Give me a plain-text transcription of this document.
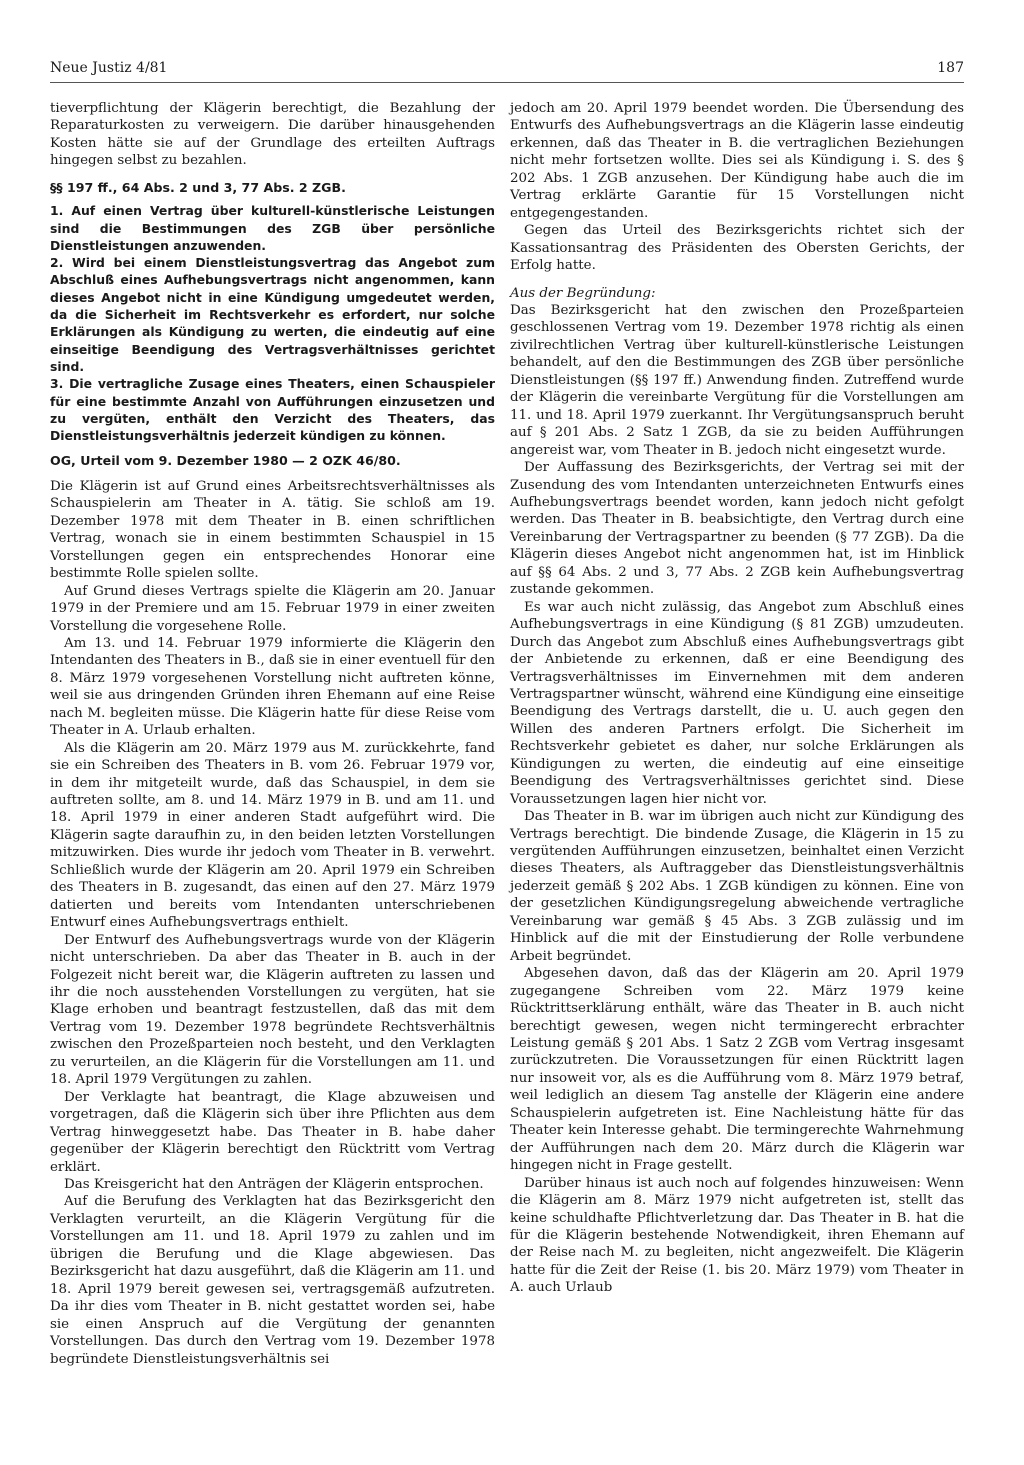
Neue Justiz 4/81	187

tieverpflichtung der Klägerin berechtigt, die Bezahlung der Reparaturkosten zu verweigern. Die darüber hinausgehenden Kosten hätte sie auf der Grundlage des erteilten Auftrags hingegen selbst zu bezahlen.

§§ 197 ff., 64 Abs. 2 und 3, 77 Abs. 2 ZGB.

1. Auf einen Vertrag über kulturell-künstlerische Leistungen sind die Bestimmungen des ZGB über persönliche Dienstleistungen anzuwenden.

2. Wird bei einem Dienstleistungsvertrag das Angebot zum Abschluß eines Aufhebungsvertrags nicht angenommen, kann dieses Angebot nicht in eine Kündigung umgedeutet werden, da die Sicherheit im Rechtsverkehr es erfordert, nur solche Erklärungen als Kündigung zu werten, die eindeutig auf eine einseitige Beendigung des Vertragsverhältnisses gerichtet sind.

3. Die vertragliche Zusage eines Theaters, einen Schauspieler für eine bestimmte Anzahl von Aufführungen einzusetzen und zu vergüten, enthält den Verzicht des Theaters, das Dienstleistungsverhältnis jederzeit kündigen zu können.

OG, Urteil vom 9. Dezember 1980 — 2 OZK 46/80.

Die Klägerin ist auf Grund eines Arbeitsrechtsverhältnisses als Schauspielerin am Theater in A. tätig. Sie schloß am 19. Dezember 1978 mit dem Theater in B. einen schriftlichen Vertrag, wonach sie in einem bestimmten Schauspiel in 15 Vorstellungen gegen ein entsprechendes Honorar eine bestimmte Rolle spielen sollte.

Auf Grund dieses Vertrags spielte die Klägerin am 20. Januar 1979 in der Premiere und am 15. Februar 1979 in einer zweiten Vorstellung die vorgesehene Rolle.

Am 13. und 14. Februar 1979 informierte die Klägerin den Intendanten des Theaters in B., daß sie in einer eventuell für den 8. März 1979 vorgesehenen Vorstellung nicht auftreten könne, weil sie aus dringenden Gründen ihren Ehemann auf eine Reise nach M. begleiten müsse. Die Klägerin hatte für diese Reise vom Theater in A. Urlaub erhalten.

Als die Klägerin am 20. März 1979 aus M. zurückkehrte, fand sie ein Schreiben des Theaters in B. vom 26. Februar 1979 vor, in dem ihr mitgeteilt wurde, daß das Schauspiel, in dem sie auftreten sollte, am 8. und 14. März 1979 in B. und am 11. und 18. April 1979 in einer anderen Stadt aufgeführt wird. Die Klägerin sagte daraufhin zu, in den beiden letzten Vorstellungen mitzuwirken. Dies wurde ihr jedoch vom Theater in B. verwehrt. Schließlich wurde der Klägerin am 20. April 1979 ein Schreiben des Theaters in B. zugesandt, das einen auf den 27. März 1979 datierten und bereits vom Intendanten unterschriebenen Entwurf eines Aufhebungsvertrags enthielt.

Der Entwurf des Aufhebungsvertrags wurde von der Klägerin nicht unterschrieben. Da aber das Theater in B. auch in der Folgezeit nicht bereit war, die Klägerin auftreten zu lassen und ihr die noch ausstehenden Vorstellungen zu vergüten, hat sie Klage erhoben und beantragt festzustellen, daß das mit dem Vertrag vom 19. Dezember 1978 begründete Rechtsverhältnis zwischen den Prozeßparteien noch besteht, und den Verklagten zu verurteilen, an die Klägerin für die Vorstellungen am 11. und 18. April 1979 Vergütungen zu zahlen.

Der Verklagte hat beantragt, die Klage abzuweisen und vorgetragen, daß die Klägerin sich über ihre Pflichten aus dem Vertrag hinweggesetzt habe. Das Theater in B. habe daher gegenüber der Klägerin berechtigt den Rücktritt vom Vertrag erklärt.

Das Kreisgericht hat den Anträgen der Klägerin entsprochen.

Auf die Berufung des Verklagten hat das Bezirksgericht den Verklagten verurteilt, an die Klägerin Vergütung für die Vorstellungen am 11. und 18. April 1979 zu zahlen und im übrigen die Berufung und die Klage abgewiesen. Das Bezirksgericht hat dazu ausgeführt, daß die Klägerin am 11. und 18. April 1979 bereit gewesen sei, vertragsgemäß aufzutreten. Da ihr dies vom Theater in B. nicht gestattet worden sei, habe sie einen Anspruch auf die Vergütung der genannten Vorstellungen. Das durch den Vertrag vom 19. Dezember 1978 begründete Dienstleistungsverhältnis sei

jedoch am 20. April 1979 beendet worden. Die Übersendung des Entwurfs des Aufhebungsvertrags an die Klägerin lasse eindeutig erkennen, daß das Theater in B. die vertraglichen Beziehungen nicht mehr fortsetzen wollte. Dies sei als Kündigung i. S. des § 202 Abs. 1 ZGB anzusehen. Der Kündigung habe auch die im Vertrag erklärte Garantie für 15 Vorstellungen nicht entgegengestanden.

Gegen das Urteil des Bezirksgerichts richtet sich der Kassationsantrag des Präsidenten des Obersten Gerichts, der Erfolg hatte.

Aus der Begründung:

Das Bezirksgericht hat den zwischen den Prozeßparteien geschlossenen Vertrag vom 19. Dezember 1978 richtig als einen zivilrechtlichen Vertrag über kulturell-künstlerische Leistungen behandelt, auf den die Bestimmungen des ZGB über persönliche Dienstleistungen (§§ 197 ff.) Anwendung finden. Zutreffend wurde der Klägerin die vereinbarte Vergütung für die Vorstellungen am 11. und 18. April 1979 zuerkannt. Ihr Vergütungsanspruch beruht auf § 201 Abs. 2 Satz 1 ZGB, da sie zu beiden Aufführungen angereist war, vom Theater in B. jedoch nicht eingesetzt wurde.

Der Auffassung des Bezirksgerichts, der Vertrag sei mit der Zusendung des vom Intendanten unterzeichneten Entwurfs eines Aufhebungsvertrags beendet worden, kann jedoch nicht gefolgt werden. Das Theater in B. beabsichtigte, den Vertrag durch eine Vereinbarung der Vertragspartner zu beenden (§ 77 ZGB). Da die Klägerin dieses Angebot nicht angenommen hat, ist im Hinblick auf §§ 64 Abs. 2 und 3, 77 Abs. 2 ZGB kein Aufhebungsvertrag zustande gekommen.

Es war auch nicht zulässig, das Angebot zum Abschluß eines Aufhebungsvertrags in eine Kündigung (§ 81 ZGB) umzudeuten. Durch das Angebot zum Abschluß eines Aufhebungsvertrags gibt der Anbietende zu erkennen, daß er eine Beendigung des Vertragsverhältnisses im Einvernehmen mit dem anderen Vertragspartner wünscht, während eine Kündigung eine einseitige Beendigung des Vertrags darstellt, die u. U. auch gegen den Willen des anderen Partners erfolgt. Die Sicherheit im Rechtsverkehr gebietet es daher, nur solche Erklärungen als Kündigungen zu werten, die eindeutig auf eine einseitige Beendigung des Vertragsverhältnisses gerichtet sind. Diese Voraussetzungen lagen hier nicht vor.

Das Theater in B. war im übrigen auch nicht zur Kündigung des Vertrags berechtigt. Die bindende Zusage, die Klägerin in 15 zu vergütenden Aufführungen einzusetzen, beinhaltet einen Verzicht dieses Theaters, als Auftraggeber das Dienstleistungsverhältnis jederzeit gemäß § 202 Abs. 1 ZGB kündigen zu können. Eine von der gesetzlichen Kündigungsregelung abweichende vertragliche Vereinbarung war gemäß § 45 Abs. 3 ZGB zulässig und im Hinblick auf die mit der Einstudierung der Rolle verbundene Arbeit begründet.

Abgesehen davon, daß das der Klägerin am 20. April 1979 zugegangene Schreiben vom 22. März 1979 keine Rücktrittserklärung enthält, wäre das Theater in B. auch nicht berechtigt gewesen, wegen nicht termingerecht erbrachter Leistung gemäß § 201 Abs. 1 Satz 2 ZGB vom Vertrag insgesamt zurückzutreten. Die Voraussetzungen für einen Rücktritt lagen nur insoweit vor, als es die Aufführung vom 8. März 1979 betraf, weil lediglich an diesem Tag anstelle der Klägerin eine andere Schauspielerin aufgetreten ist. Eine Nachleistung hätte für das Theater kein Interesse gehabt. Die termingerechte Wahrnehmung der Aufführungen nach dem 20. März durch die Klägerin war hingegen nicht in Frage gestellt.

Darüber hinaus ist auch noch auf folgendes hinzuweisen: Wenn die Klägerin am 8. März 1979 nicht aufgetreten ist, stellt das keine schuldhafte Pflichtverletzung dar. Das Theater in B. hat die für die Klägerin bestehende Notwendigkeit, ihren Ehemann auf der Reise nach M. zu begleiten, nicht angezweifelt. Die Klägerin hatte für die Zeit der Reise (1. bis 20. März 1979) vom Theater in A. auch Urlaub
